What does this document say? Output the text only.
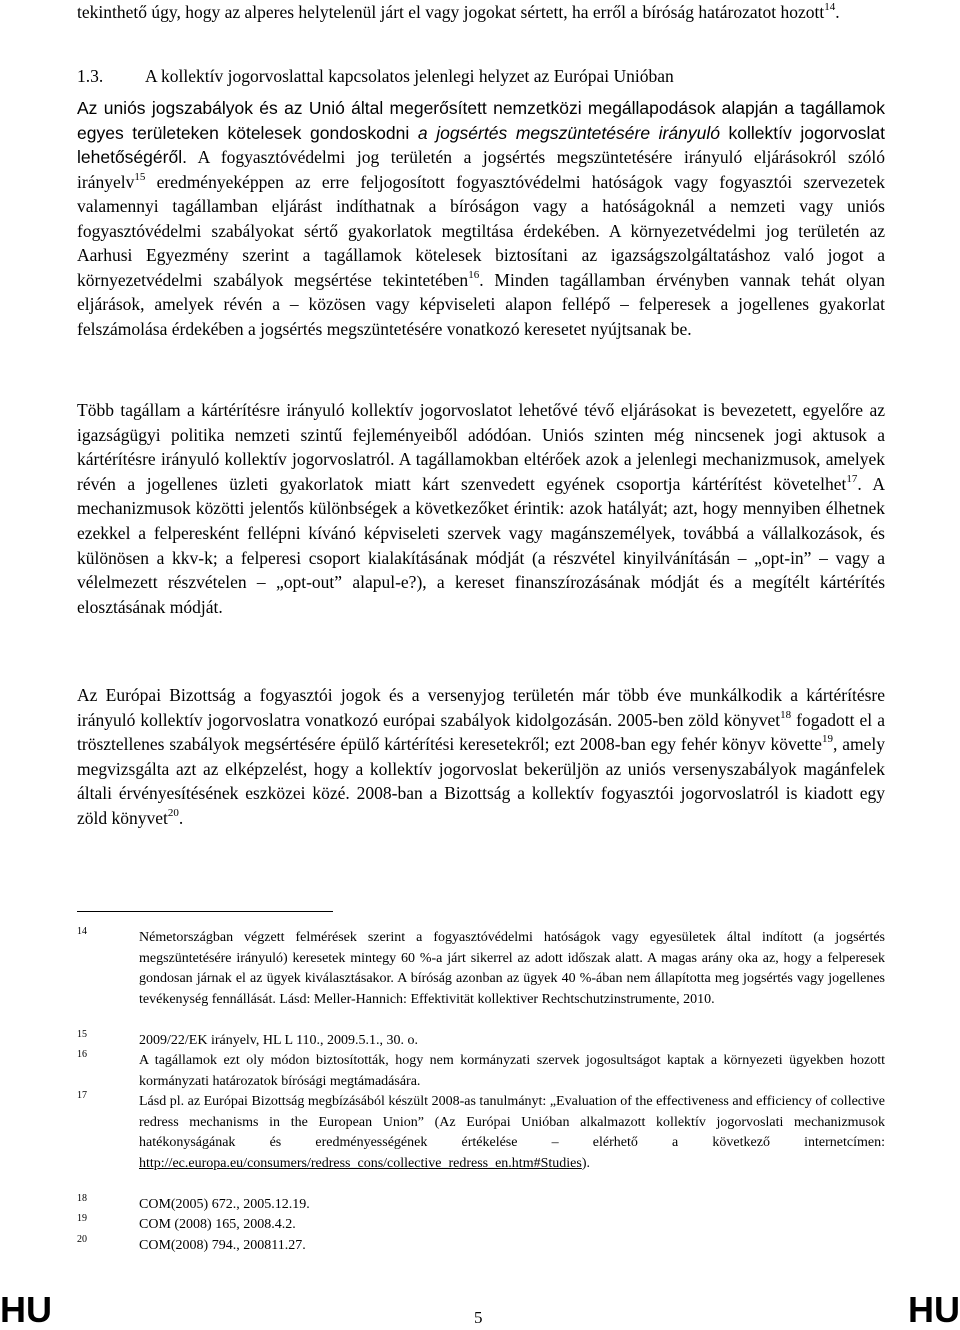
tekinthető úgy, hogy az alperes helytelenül járt el vagy jogokat sértett, ha erről a bíróság határozatot hozott$^{14}$.
1.3. A kollektív jogorvoslattal kapcsolatos jelenlegi helyzet az Európai Unióban
Az uniós jogszabályok és az Unió által megerősített nemzetközi megállapodások alapján a tagállamok egyes területeken kötelesek gondoskodni a jogsértés megszüntetésére irányuló kollektív jogorvoslat lehetőségéről. A fogyasztóvédelmi jog területén a jogsértés megszüntetésére irányuló eljárásokról szóló irányelv$^{15}$ eredményeképpen az erre feljogosított fogyasztóvédelmi hatóságok vagy fogyasztói szervezetek valamennyi tagállamban eljárást indíthatnak a bíróságon vagy a hatóságoknál a nemzeti vagy uniós fogyasztóvédelmi szabályokat sértő gyakorlatok megtiltása érdekében. A környezetvédelmi jog területén az Aarhusi Egyezmény szerint a tagállamok kötelesek biztosítani az igazságszolgáltatáshoz való jogot a környezetvédelmi szabályok megsértése tekintetében$^{16}$. Minden tagállamban érvényben vannak tehát olyan eljárások, amelyek révén a – közösen vagy képviseleti alapon fellépő – felperesek a jogellenes gyakorlat felszámolása érdekében a jogsértés megszüntetésére vonatkozó keresetet nyújtsanak be.
Több tagállam a kártérítésre irányuló kollektív jogorvoslatot lehetővé tévő eljárásokat is bevezetett, egyelőre az igazságügyi politika nemzeti szintű fejleményeiből adódóan. Uniós szinten még nincsenek jogi aktusok a kártérítésre irányuló kollektív jogorvoslatról. A tagállamokban eltérőek azok a jelenlegi mechanizmusok, amelyek révén a jogellenes üzleti gyakorlatok miatt kárt szenvedett egyének csoportja kártérítést követelhet$^{17}$. A mechanizmusok közötti jelentős különbségek a következőket érintik: azok hatályát; azt, hogy mennyiben élhetnek ezekkel a felperesként fellépni kívánó képviseleti szervek vagy magánszemélyek, továbbá a vállalkozások, és különösen a kkv-k; a felperesi csoport kialakításának módját (a részvétel kinyilvánításán – „opt-in” – vagy a vélelmezett részvételen – „opt-out” alapul-e?), a kereset finanszírozásának módját és a megítélt kártérítés elosztásának módját.
Az Európai Bizottság a fogyasztói jogok és a versenyjog területén már több éve munkálkodik a kártérítésre irányuló kollektív jogorvoslatra vonatkozó európai szabályok kidolgozásán. 2005-ben zöld könyvet$^{18}$ fogadott el a trösztellenes szabályok megsértésére épülő kártérítési keresetekről; ezt 2008-ban egy fehér könyv követte$^{19}$, amely megvizsgálta azt az elképzelést, hogy a kollektív jogorvoslat bekerüljön az uniós versenyszabályok magánfelek általi érvényesítésének eszközei közé. 2008-ban a Bizottság a kollektív fogyasztói jogorvoslatról is kiadott egy zöld könyvet$^{20}$.
14	Németországban végzett felmérések szerint a fogyasztóvédelmi hatóságok vagy egyesületek által indított (a jogsértés megszüntetésére irányuló) keresetek mintegy 60 %-a járt sikerrel az adott időszak alatt. A magas arány oka az, hogy a felperesek gondosan járnak el az ügyek kiválasztásakor. A bíróság azonban az ügyek 40 %-ában nem állapította meg jogsértés vagy jogellenes tevékenység fennállását. Lásd: Meller-Hannich: Effektivität kollektiver Rechtschutzinstrumente, 2010.
15	2009/22/EK irányelv, HL L 110., 2009.5.1., 30. o.
16	A tagállamok ezt oly módon biztosították, hogy nem kormányzati szervek jogosultságot kaptak a környezeti ügyekben hozott kormányzati határozatok bírósági megtámadására.
17	Lásd pl. az Európai Bizottság megbízásából készült 2008-as tanulmányt: „Evaluation of the effectiveness and efficiency of collective redress mechanisms in the European Union” (Az Európai Unióban alkalmazott kollektív jogorvoslati mechanizmusok hatékonyságának és eredményességének értékelése – elérhető a következő internetcímen: http://ec.europa.eu/consumers/redress_cons/collective_redress_en.htm#Studies).
18	COM(2005) 672., 2005.12.19.
19	COM (2008) 165, 2008.4.2.
20	COM(2008) 794., 200811.27.
HU	5	HU
